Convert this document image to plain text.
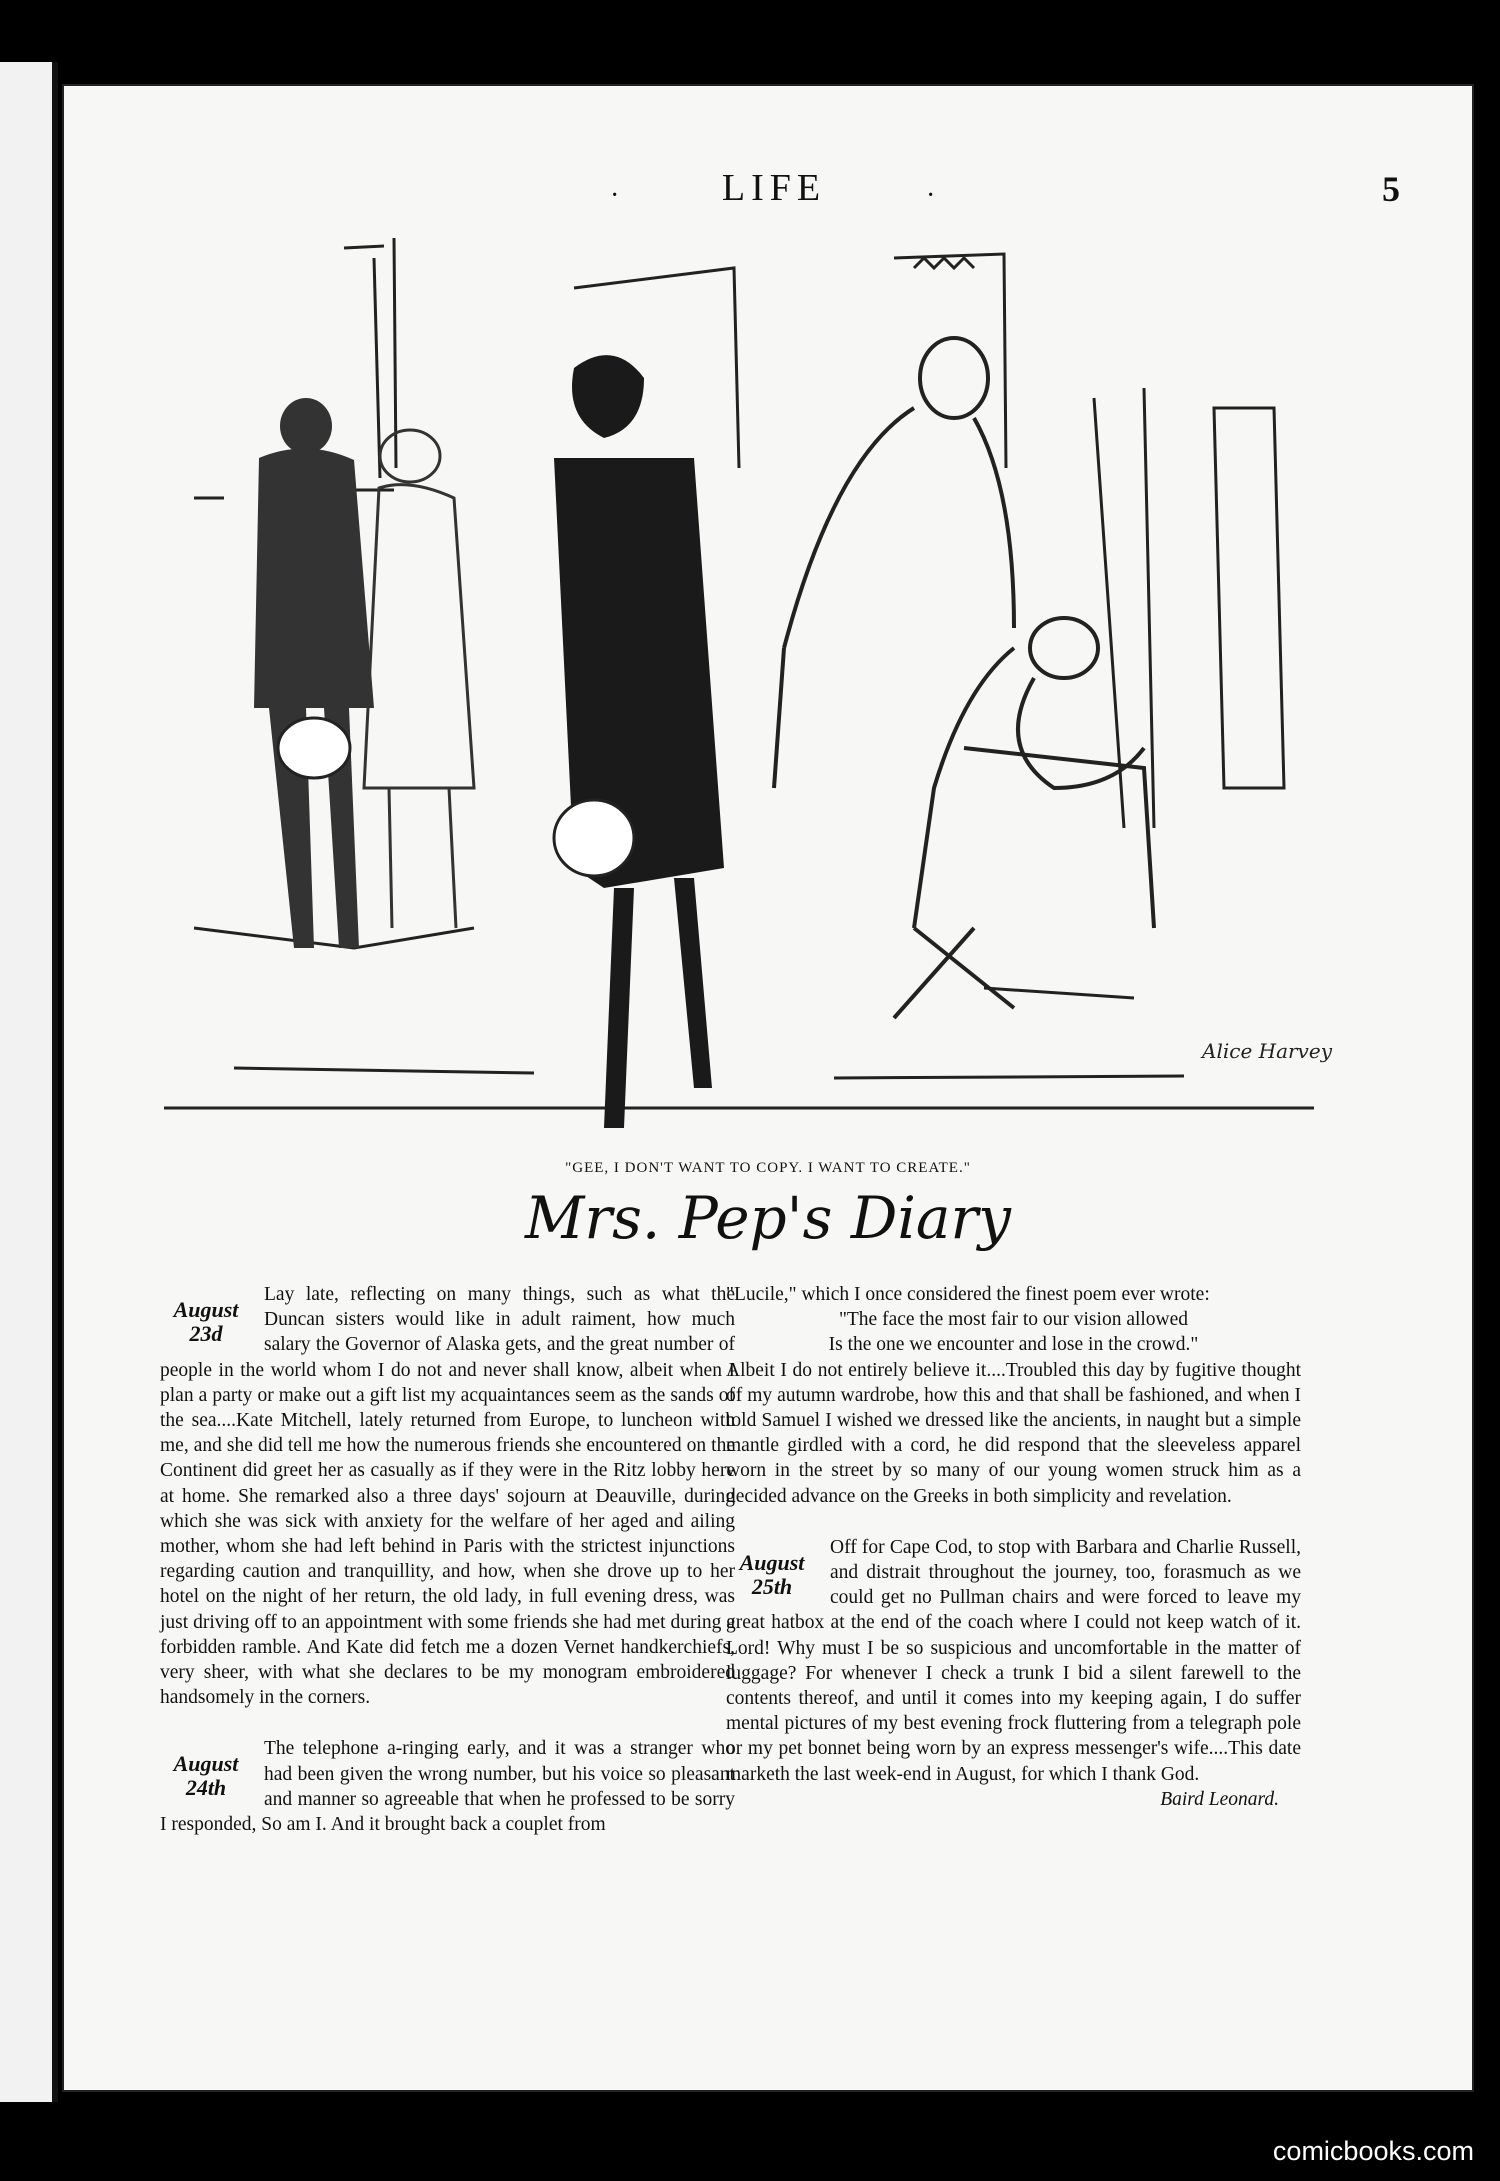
·	LIFE	·	5
Alice Harvey
"GEE, I DON'T WANT TO COPY. I WANT TO CREATE."
Mrs. Pep's Diary
August
23d

Lay late, reflecting on many things, such as what the Duncan sisters would like in adult raiment, how much salary the Governor of Alaska gets, and the great number of people in the world whom I do not and never shall know, albeit when I plan a party or make out a gift list my acquaintances seem as the sands of the sea....Kate Mitchell, lately returned from Europe, to luncheon with me, and she did tell me how the numerous friends she encountered on the Continent did greet her as casually as if they were in the Ritz lobby here at home. She remarked also a three days' sojourn at Deauville, during which she was sick with anxiety for the welfare of her aged and ailing mother, whom she had left behind in Paris with the strictest injunctions regarding caution and tranquillity, and how, when she drove up to her hotel on the night of her return, the old lady, in full evening dress, was just driving off to an appointment with some friends she had met during a forbidden ramble. And Kate did fetch me a dozen Vernet handkerchiefs, very sheer, with what she declares to be my monogram embroidered handsomely in the corners.

August
24th

The telephone a-ringing early, and it was a stranger who had been given the wrong number, but his voice so pleasant and manner so agreeable that when he professed to be sorry I responded, So am I. And it brought back a couplet from

"Lucile," which I once considered the finest poem ever wrote:

"The face the most fair to our vision allowed

Is the one we encounter and lose in the crowd."

Albeit I do not entirely believe it....Troubled this day by fugitive thought of my autumn wardrobe, how this and that shall be fashioned, and when I told Samuel I wished we dressed like the ancients, in naught but a simple mantle girdled with a cord, he did respond that the sleeveless apparel worn in the street by so many of our young women struck him as a decided advance on the Greeks in both simplicity and revelation.

August
25th

Off for Cape Cod, to stop with Barbara and Charlie Russell, and distrait throughout the journey, too, forasmuch as we could get no Pullman chairs and were forced to leave my great hatbox at the end of the coach where I could not keep watch of it. Lord! Why must I be so suspicious and uncomfortable in the matter of luggage? For whenever I check a trunk I bid a silent farewell to the contents thereof, and until it comes into my keeping again, I do suffer mental pictures of my best evening frock fluttering from a telegraph pole or my pet bonnet being worn by an express messenger's wife....This date marketh the last week-end in August, for which I thank God.

Baird Leonard.

comicbooks.com
